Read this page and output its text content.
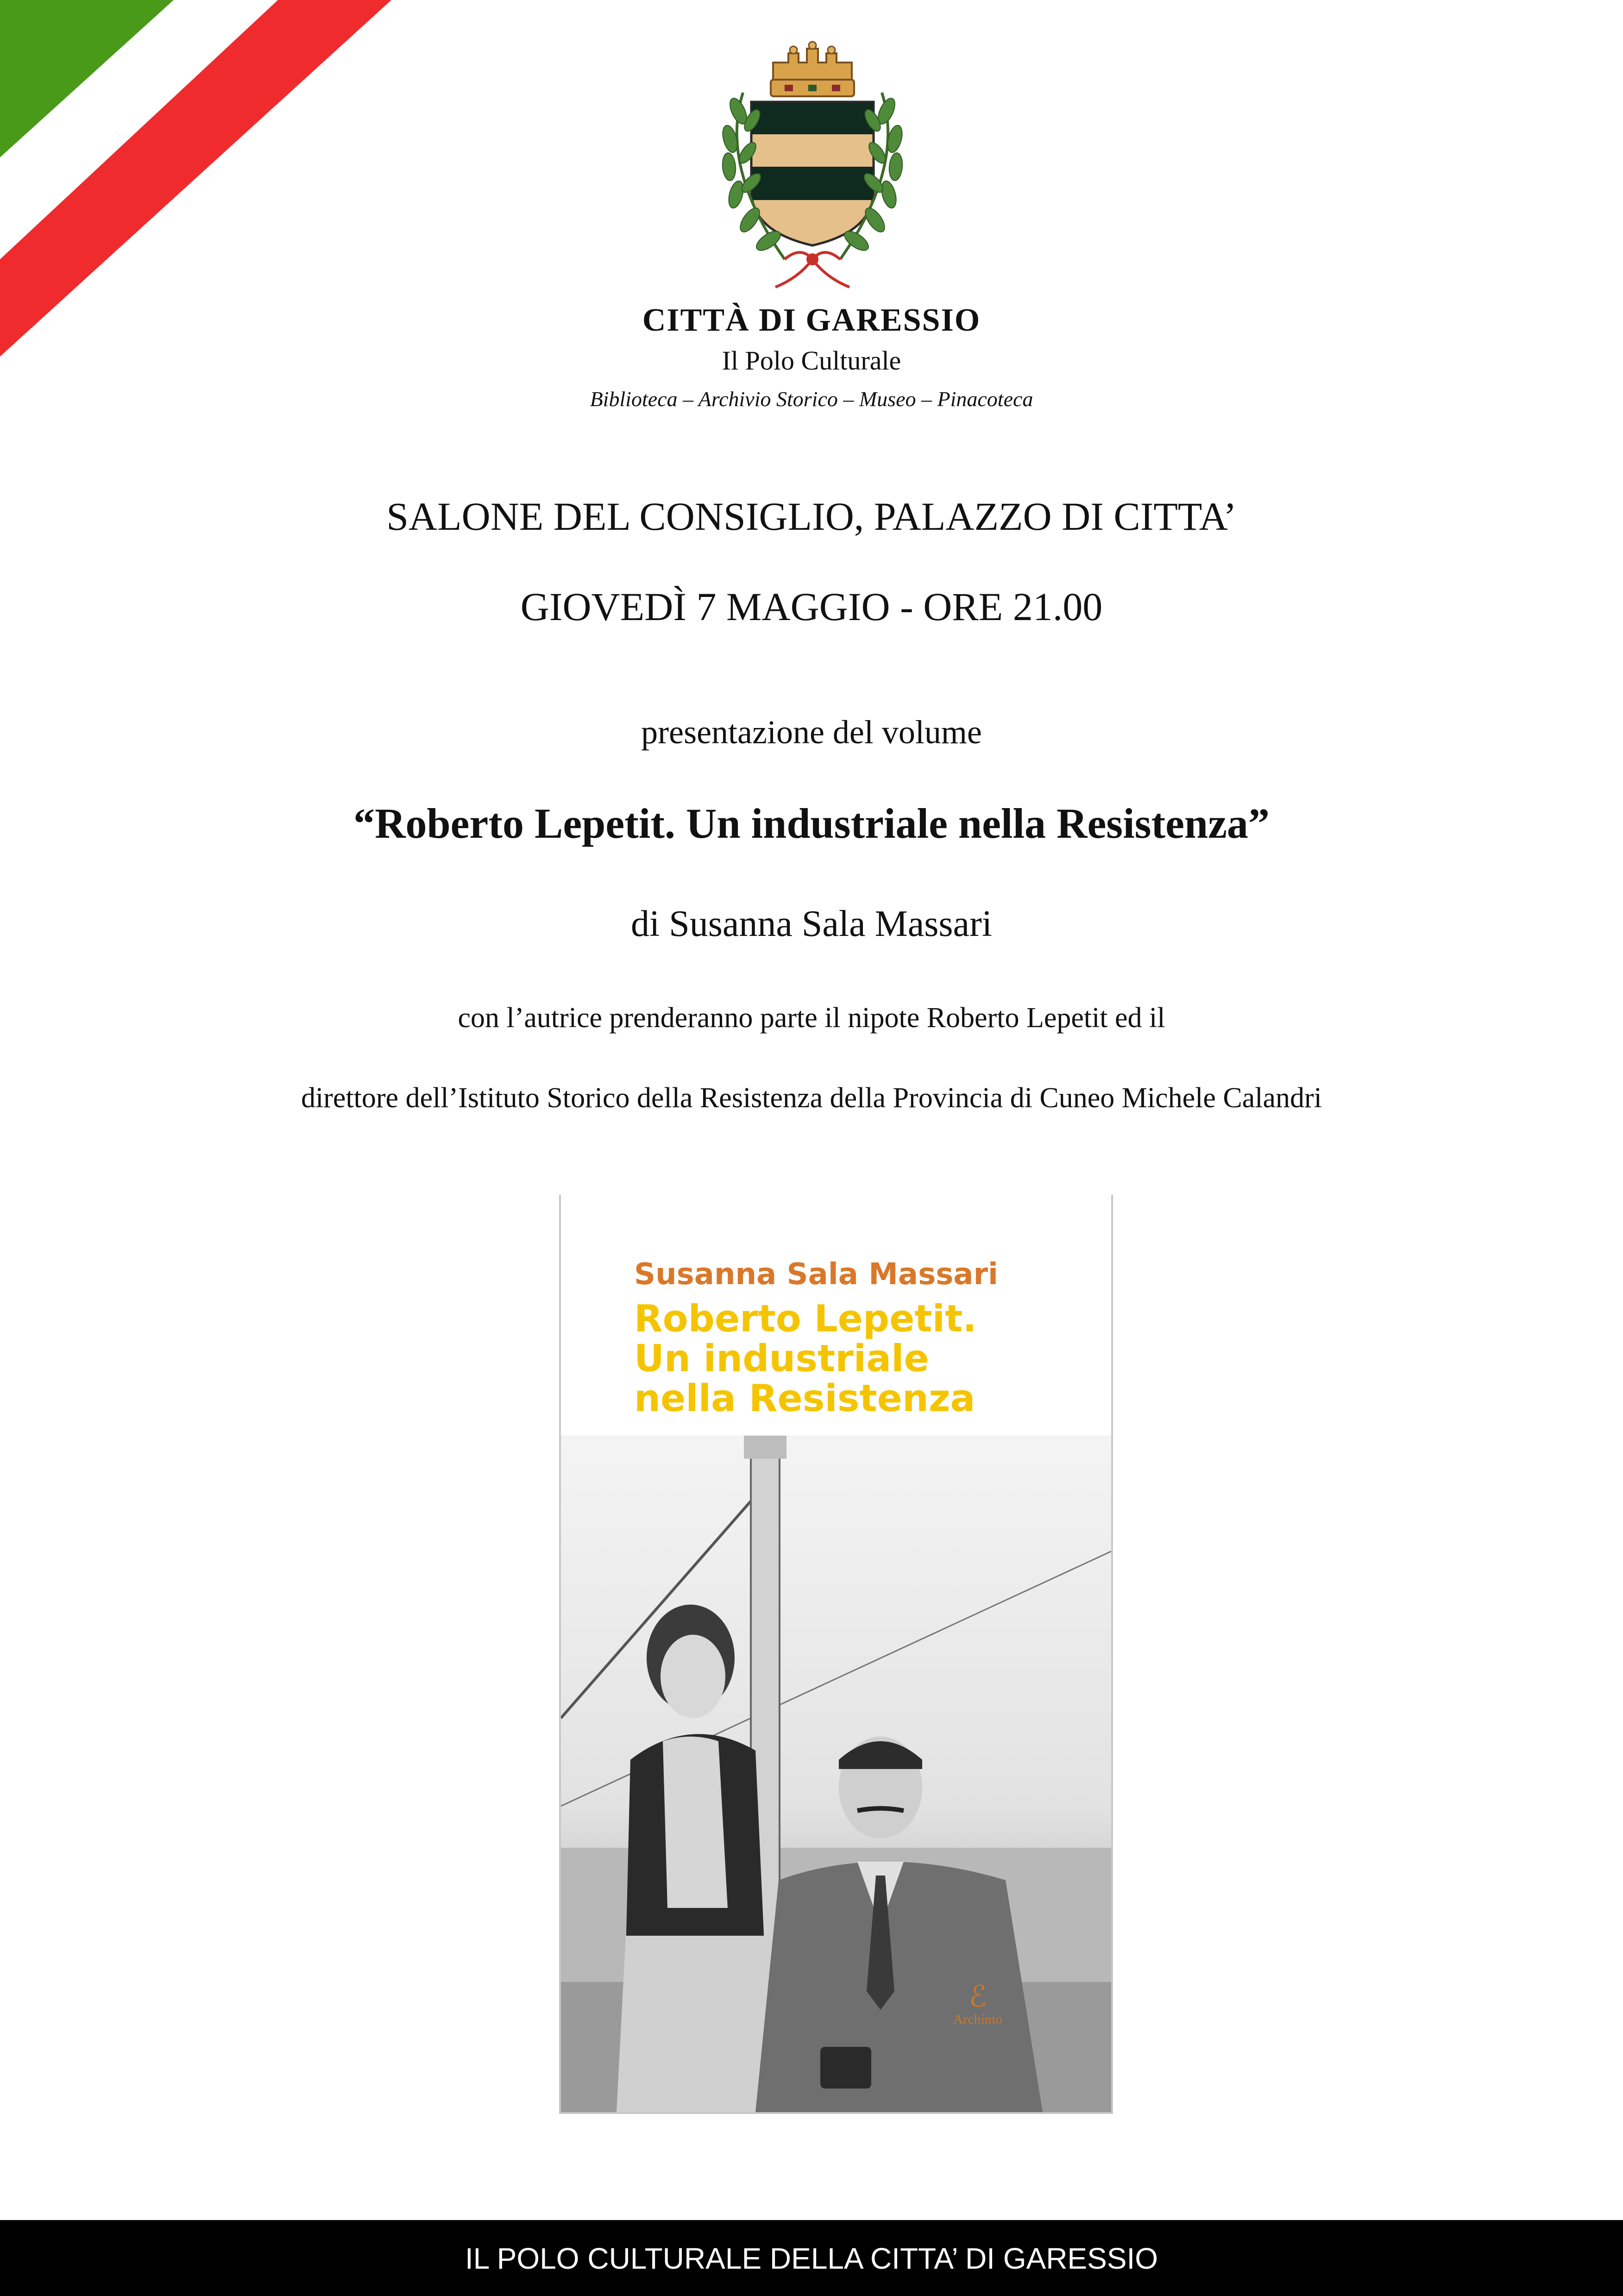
CITTÀ DI GARESSIO
Il Polo Culturale
Biblioteca – Archivio Storico – Museo – Pinacoteca
SALONE DEL CONSIGLIO, PALAZZO DI CITTA’
GIOVEDÌ 7 MAGGIO - ORE 21.00
presentazione del volume
“Roberto Lepetit. Un industriale nella Resistenza”
di Susanna Sala Massari
con l’autrice prenderanno parte il nipote Roberto Lepetit ed il
direttore dell’Istituto Storico della Resistenza della Provincia di Cuneo Michele Calandri
Susanna Sala Massari
Roberto Lepetit.
Un industriale
nella Resistenza
ℰ
Archinto
IL POLO CULTURALE DELLA CITTA’ DI GARESSIO
